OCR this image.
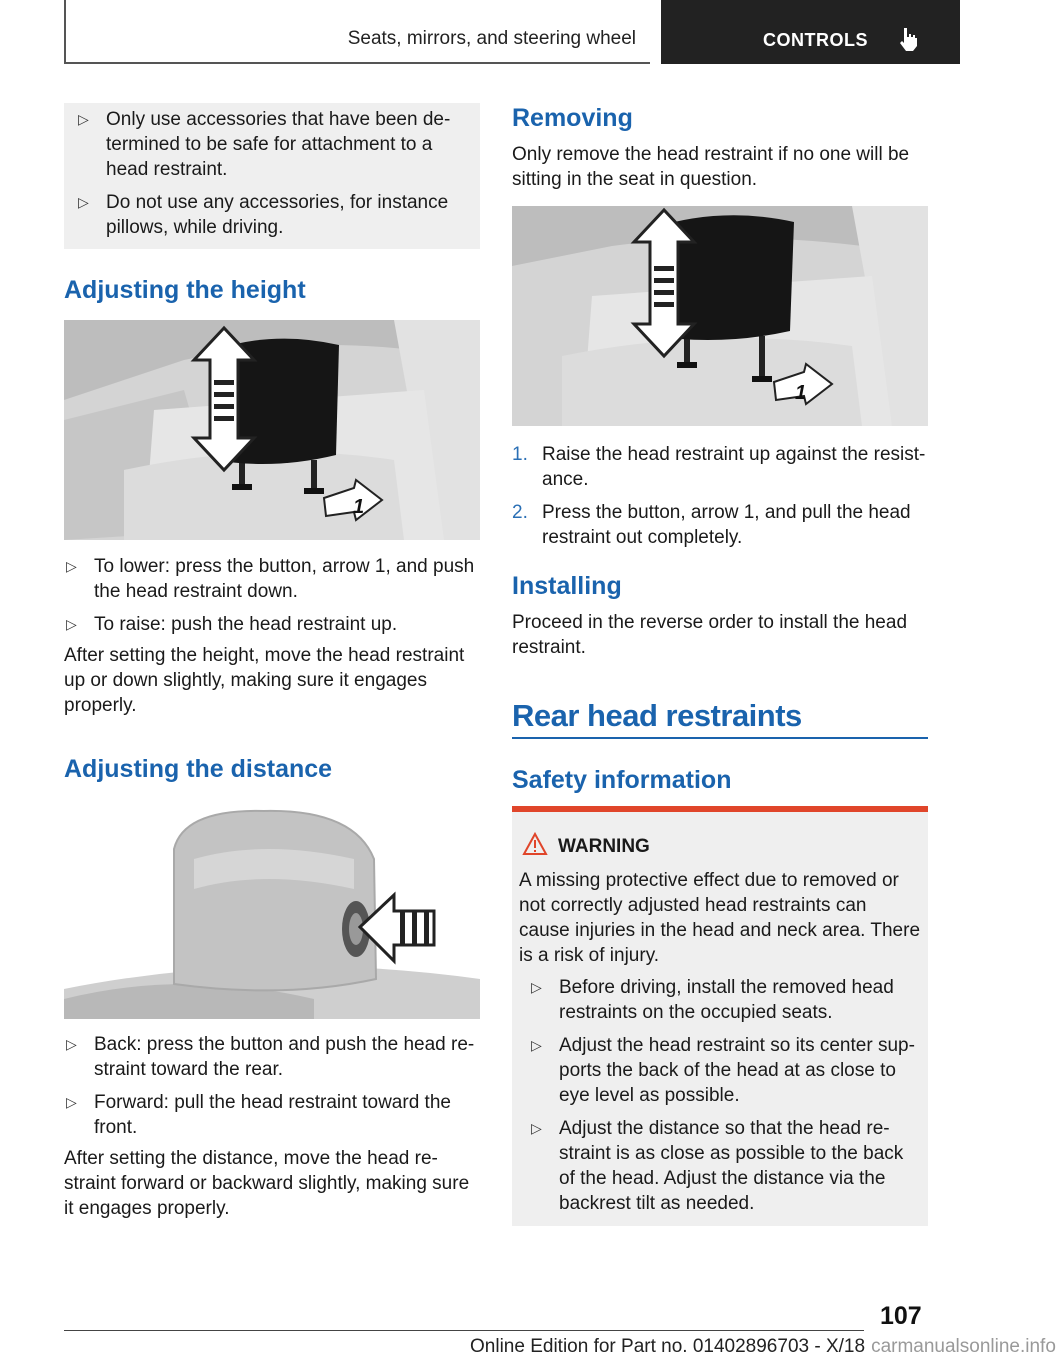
Seats, mirrors, and steering wheel	CONTROLS
▷ Only use accessories that have been de-termined to be safe for attachment to a head restraint.
▷ Do not use any accessories, for instance pillows, while driving.
Adjusting the height
1
▷ To lower: press the button, arrow 1, and push the head restraint down.
▷ To raise: push the head restraint up.
After setting the height, move the head restraint up or down slightly, making sure it engages properly.
Adjusting the distance
▷ Back: press the button and push the head re-straint toward the rear.
▷ Forward: pull the head restraint toward the front.
After setting the distance, move the head re-straint forward or backward slightly, making sure it engages properly.
Removing
Only remove the head restraint if no one will be sitting in the seat in question.
1
1. Raise the head restraint up against the resist-ance.
2. Press the button, arrow 1, and pull the head restraint out completely.
Installing
Proceed in the reverse order to install the head restraint.
Rear head restraints
Safety information
WARNING
A missing protective effect due to removed or not correctly adjusted head restraints can cause injuries in the head and neck area. There is a risk of injury.
▷ Before driving, install the removed head restraints on the occupied seats.
▷ Adjust the head restraint so its center sup-ports the back of the head at as close to eye level as possible.
▷ Adjust the distance so that the head re-straint is as close as possible to the back of the head. Adjust the distance via the backrest tilt as needed.
107
Online Edition for Part no. 01402896703 - X/18 carmanualsonline.info
